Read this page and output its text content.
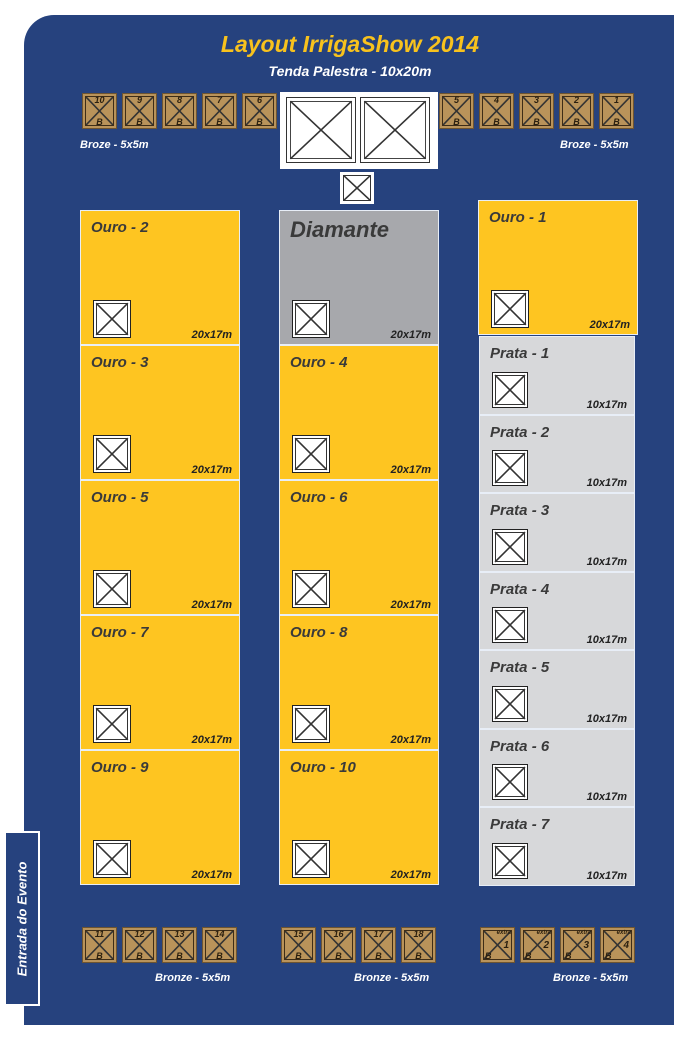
Layout IrrigaShow 2014
Tenda Palestra - 10x20m
Broze - 5x5m	Broze - 5x5m
10
B
9
B
8
B
7
B
6
B
5
B
4
B
3
B
2
B
1
B
11
B
12
B
13
B
14
B
15
B
16
B
17
B
18
B
extra
1
B
extra
2
B
extra
3
B
extra
4
B
Ouro - 2
20x17m
Ouro - 3
20x17m
Ouro - 5
20x17m
Ouro - 7
20x17m
Ouro - 9
20x17m
Diamante
20x17m
Ouro - 4
20x17m
Ouro - 6
20x17m
Ouro - 8
20x17m
Ouro - 10
20x17m
Ouro - 1
20x17m
Prata - 1
10x17m
Prata - 2
10x17m
Prata - 3
10x17m
Prata - 4
10x17m
Prata - 5
10x17m
Prata - 6
10x17m
Prata - 7
10x17m
Bronze - 5x5m	Bronze - 5x5m	Bronze - 5x5m
Entrada do Evento
